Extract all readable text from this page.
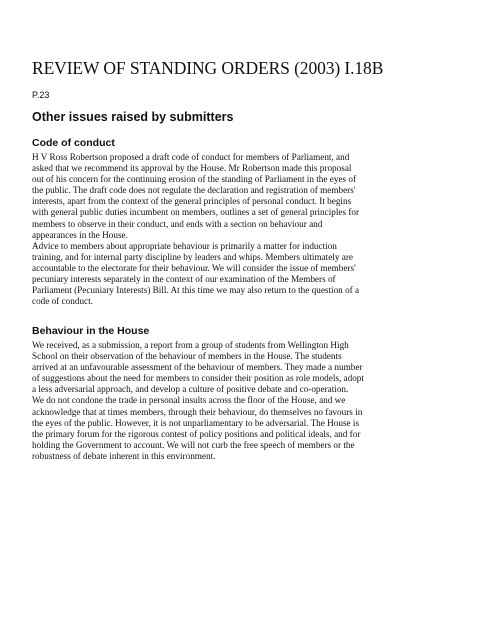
REVIEW OF STANDING ORDERS (2003) I.18B
P.23
Other issues raised by submitters
Code of conduct
H V Ross Robertson proposed a draft code of conduct for members of Parliament, and
asked that we recommend its approval by the House. Mr Robertson made this proposal
out of his concern for the continuing erosion of the standing of Parliament in the eyes of
the public. The draft code does not regulate the declaration and registration of members'
interests, apart from the context of the general principles of personal conduct. It begins
with general public duties incumbent on members, outlines a set of general principles for
members to observe in their conduct, and ends with a section on behaviour and
appearances in the House.
Advice to members about appropriate behaviour is primarily a matter for induction
training, and for internal party discipline by leaders and whips. Members ultimately are
accountable to the electorate for their behaviour. We will consider the issue of members'
pecuniary interests separately in the context of our examination of the Members of
Parliament (Pecuniary Interests) Bill. At this time we may also return to the question of a
code of conduct.
Behaviour in the House
We received, as a submission, a report from a group of students from Wellington High
School on their observation of the behaviour of members in the House. The students
arrived at an unfavourable assessment of the behaviour of members. They made a number
of suggestions about the need for members to consider their position as role models, adopt
a less adversarial approach, and develop a culture of positive debate and co-operation.
We do not condone the trade in personal insults across the floor of the House, and we
acknowledge that at times members, through their behaviour, do themselves no favours in
the eyes of the public. However, it is not unparliamentary to be adversarial. The House is
the primary forum for the rigorous contest of policy positions and political ideals, and for
holding the Government to account. We will not curb the free speech of members or the
robustness of debate inherent in this environment.
